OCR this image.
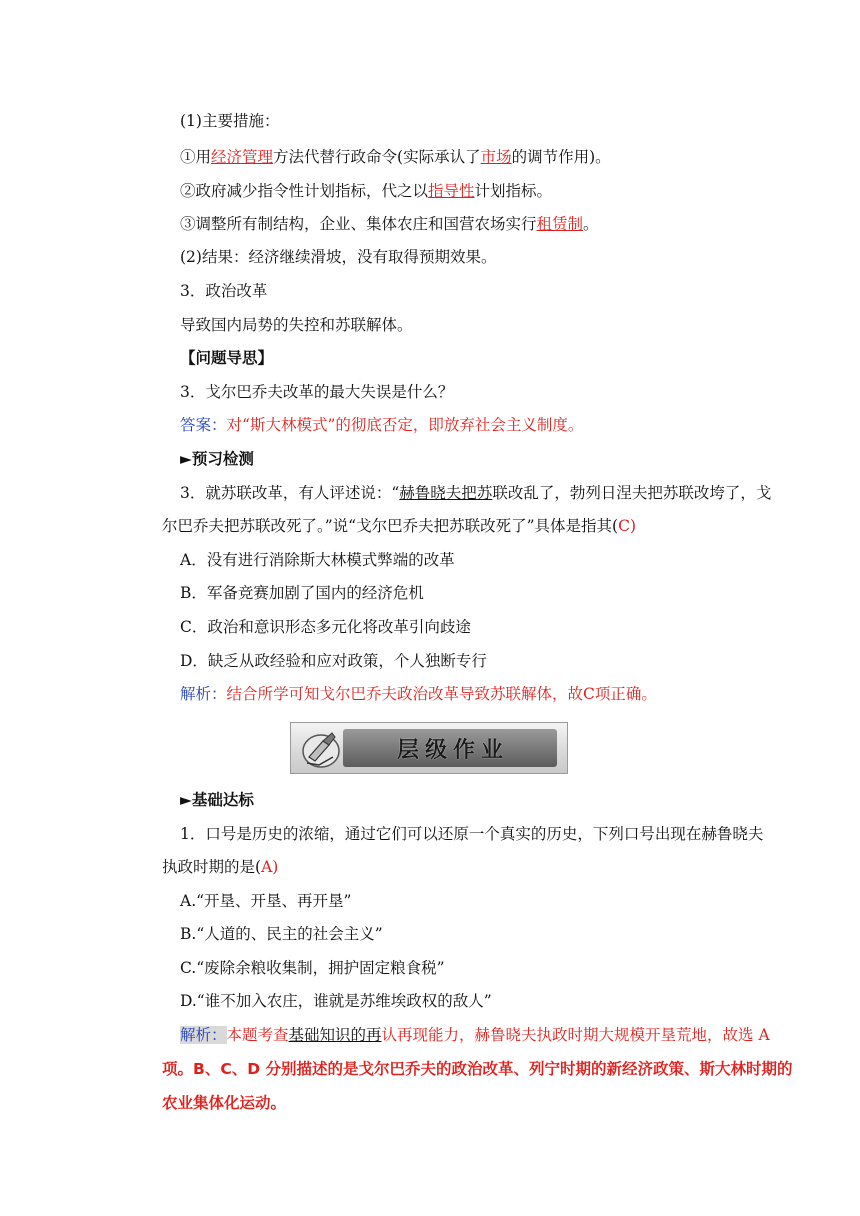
(1)主要措施：
①用经济管理方法代替行政命令(实际承认了市场的调节作用)。
②政府减少指令性计划指标，代之以指导性计划指标。
③调整所有制结构，企业、集体农庄和国营农场实行租赁制。
(2)结果：经济继续滑坡，没有取得预期效果。
3．政治改革
导致国内局势的失控和苏联解体。
【问题导思】
3．戈尔巴乔夫改革的最大失误是什么？
答案：对“斯大林模式”的彻底否定，即放弃社会主义制度。
►预习检测
3．就苏联改革，有人评述说：“赫鲁晓夫把苏联改乱了，勃列日涅夫把苏联改垮了，戈
尔巴乔夫把苏联改死了。”说“戈尔巴乔夫把苏联改死了”具体是指其(C)
A．没有进行消除斯大林模式弊端的改革
B．军备竞赛加剧了国内的经济危机
C．政治和意识形态多元化将改革引向歧途
D．缺乏从政经验和应对政策，个人独断专行
解析：结合所学可知戈尔巴乔夫政治改革导致苏联解体，故C项正确。
层级作业
►基础达标
1．口号是历史的浓缩，通过它们可以还原一个真实的历史，下列口号出现在赫鲁晓夫
执政时期的是(A)
A.“开垦、开垦、再开垦”
B.“人道的、民主的社会主义”
C.“废除余粮收集制，拥护固定粮食税”
D.“谁不加入农庄，谁就是苏维埃政权的敌人”
解析：本题考查基础知识的再认再现能力，赫鲁晓夫执政时期大规模开垦荒地，故选 A
项。B、C、D 分别描述的是戈尔巴乔夫的政治改革、列宁时期的新经济政策、斯大林时期的
农业集体化运动。
